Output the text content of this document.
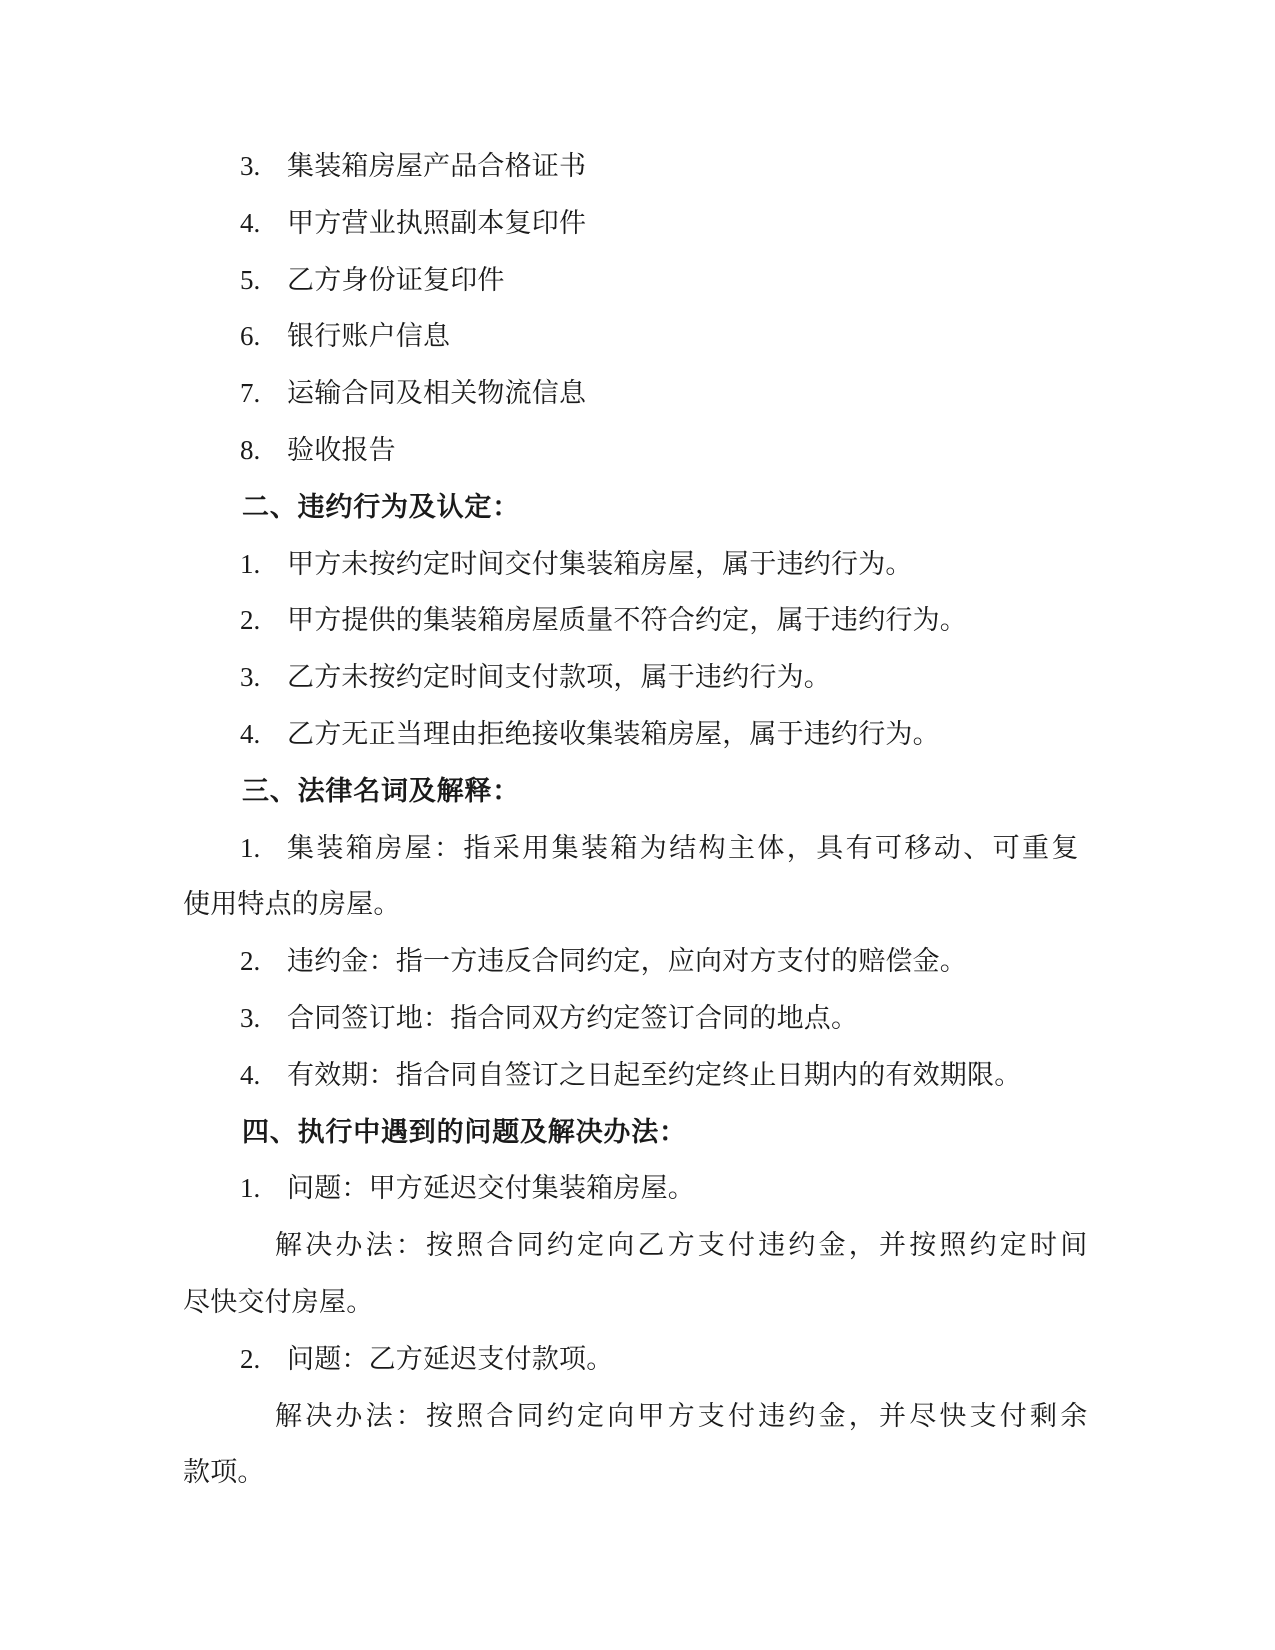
3. 集装箱房屋产品合格证书
4. 甲方营业执照副本复印件
5. 乙方身份证复印件
6. 银行账户信息
7. 运输合同及相关物流信息
8. 验收报告
二、违约行为及认定：
1. 甲方未按约定时间交付集装箱房屋，属于违约行为。
2. 甲方提供的集装箱房屋质量不符合约定，属于违约行为。
3. 乙方未按约定时间支付款项，属于违约行为。
4. 乙方无正当理由拒绝接收集装箱房屋，属于违约行为。
三、法律名词及解释：
1. 集装箱房屋：指采用集装箱为结构主体，具有可移动、可重复
使用特点的房屋。
2. 违约金：指一方违反合同约定，应向对方支付的赔偿金。
3. 合同签订地：指合同双方约定签订合同的地点。
4. 有效期：指合同自签订之日起至约定终止日期内的有效期限。
四、执行中遇到的问题及解决办法：
1. 问题：甲方延迟交付集装箱房屋。
解决办法：按照合同约定向乙方支付违约金，并按照约定时间
尽快交付房屋。
2. 问题：乙方延迟支付款项。
解决办法：按照合同约定向甲方支付违约金，并尽快支付剩余
款项。
